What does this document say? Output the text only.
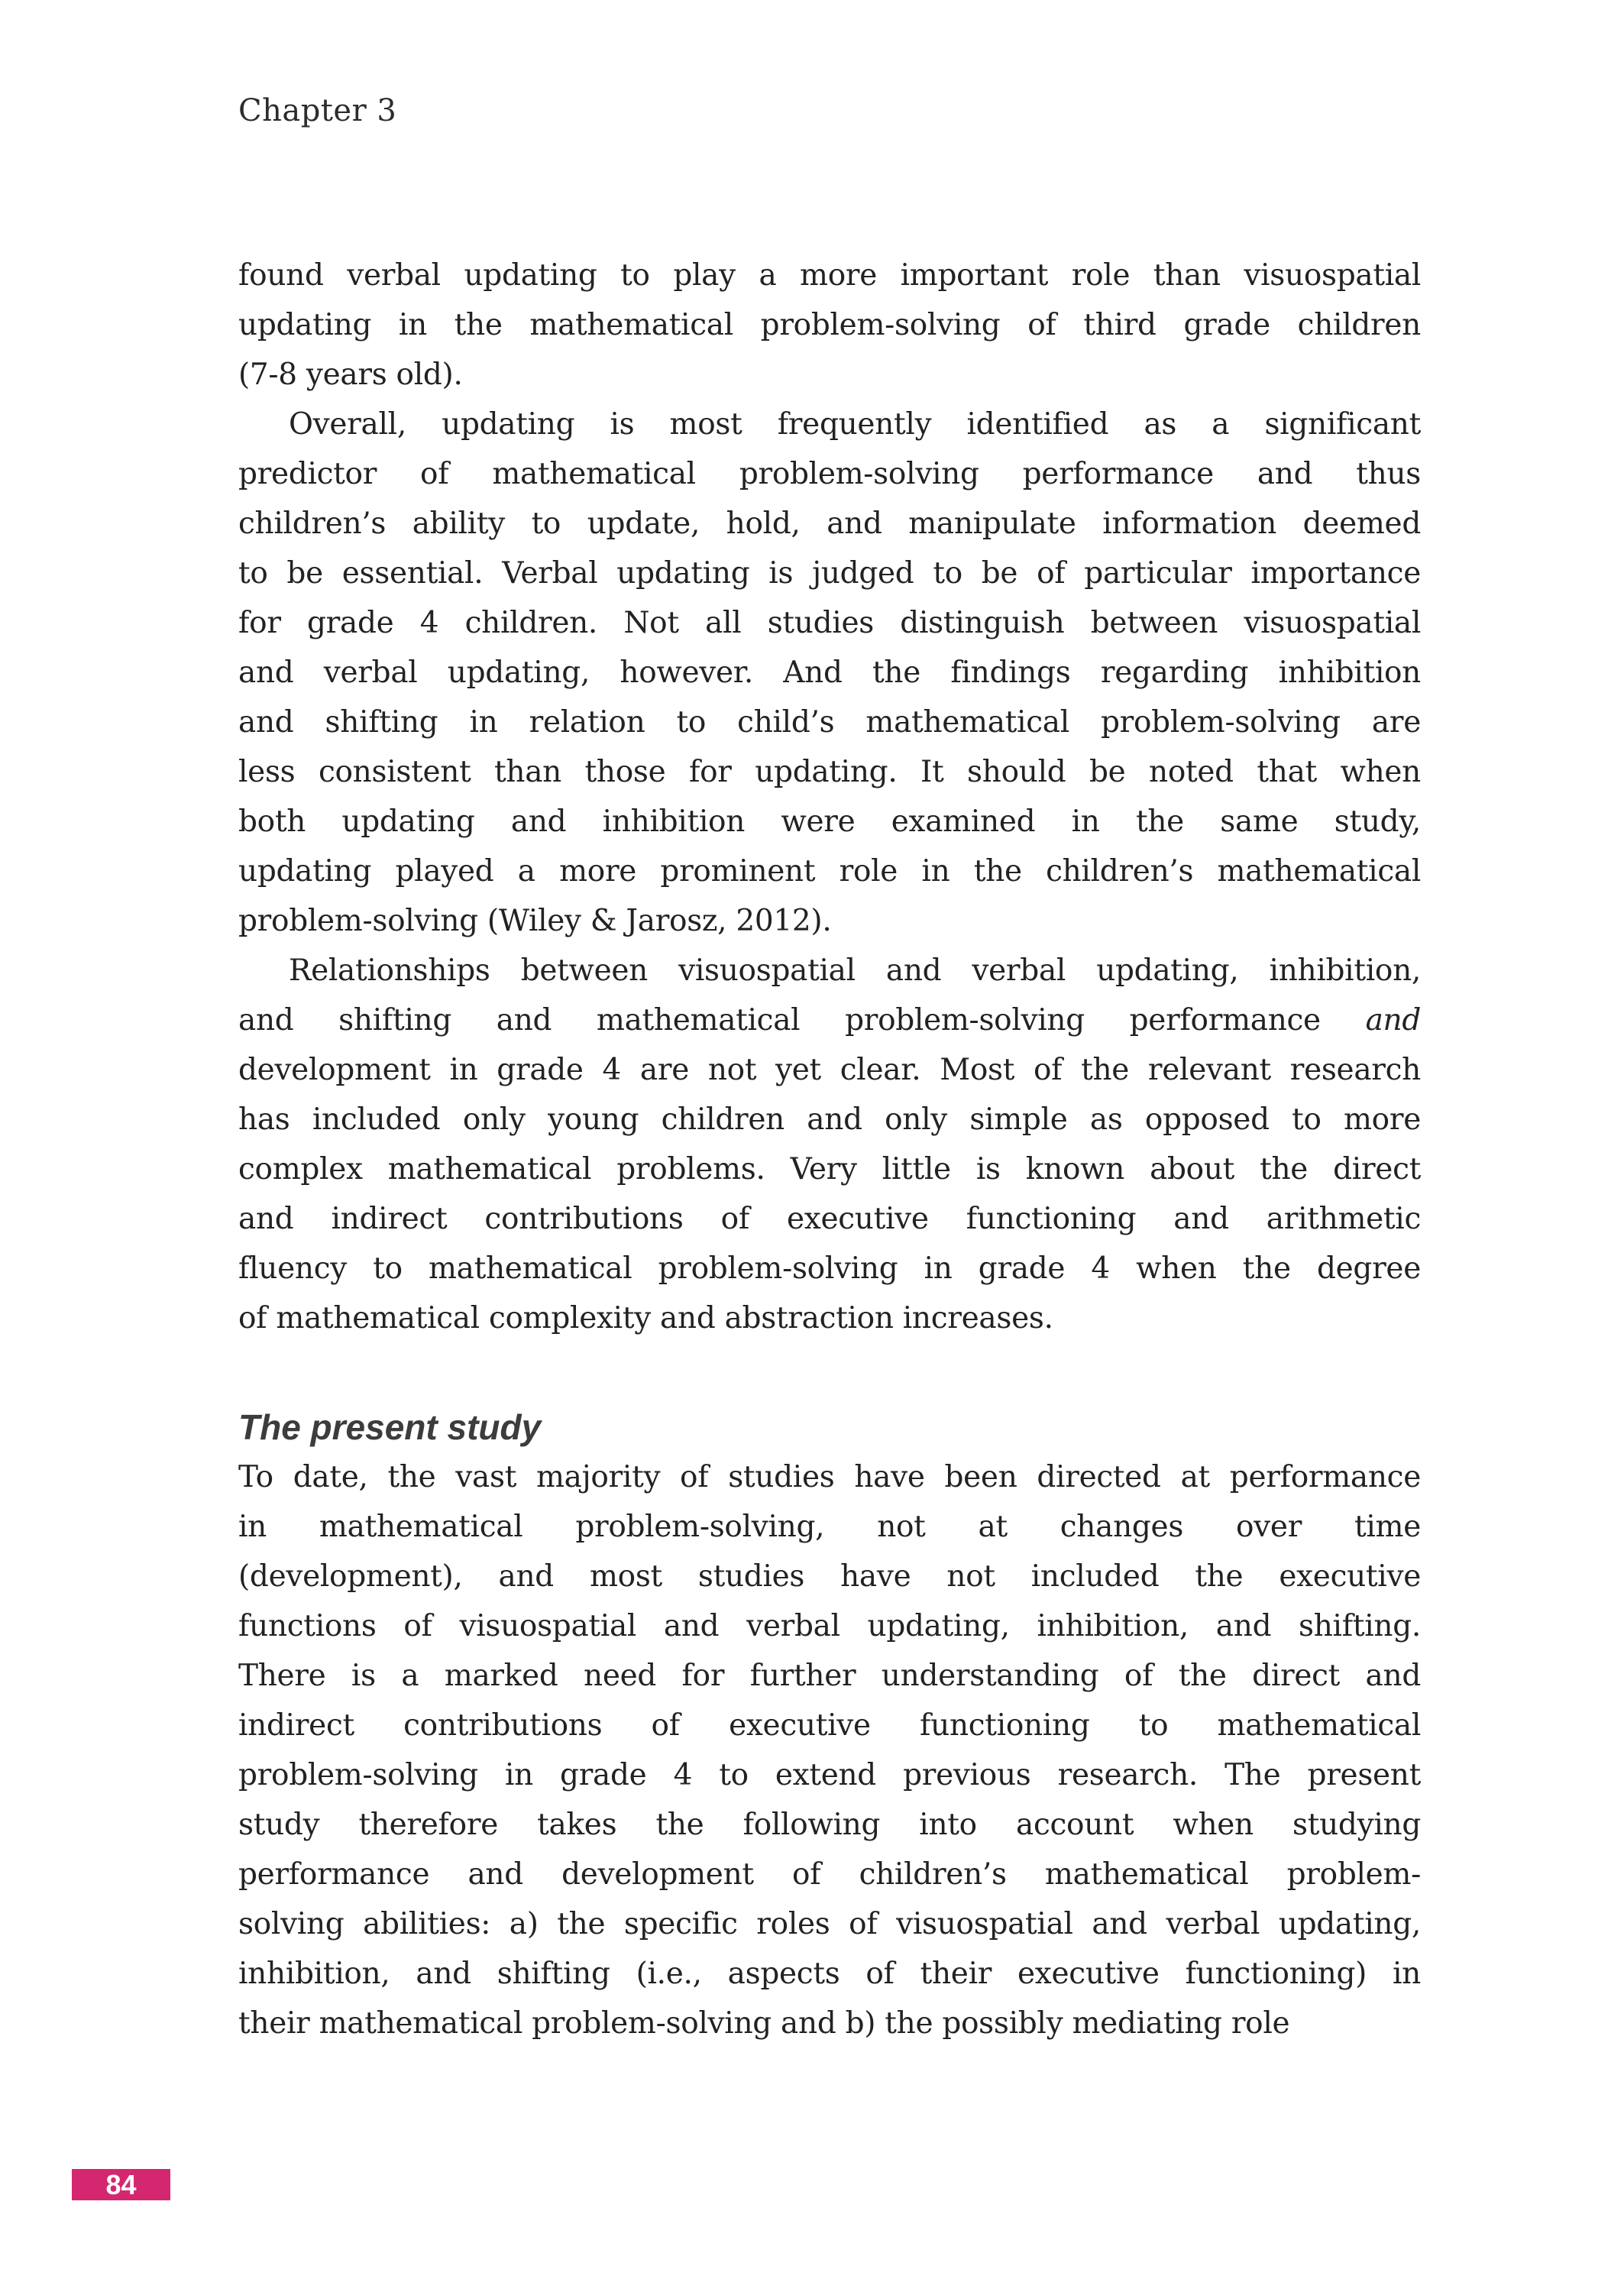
Chapter 3
found verbal updating to play a more important role than visuospatial
updating in the mathematical problem-solving of third grade children
(7-8 years old).
Overall, updating is most frequently identified as a significant
predictor of mathematical problem-solving performance and thus
children’s ability to update, hold, and manipulate information deemed
to be essential. Verbal updating is judged to be of particular importance
for grade 4 children. Not all studies distinguish between visuospatial
and verbal updating, however. And the findings regarding inhibition
and shifting in relation to child’s mathematical problem-solving are
less consistent than those for updating. It should be noted that when
both updating and inhibition were examined in the same study,
updating played a more prominent role in the children’s mathematical
problem-solving (Wiley & Jarosz, 2012).
Relationships between visuospatial and verbal updating, inhibition,
and shifting and mathematical problem-solving performance and
development in grade 4 are not yet clear. Most of the relevant research
has included only young children and only simple as opposed to more
complex mathematical problems. Very little is known about the direct
and indirect contributions of executive functioning and arithmetic
fluency to mathematical problem-solving in grade 4 when the degree
of mathematical complexity and abstraction increases.
The present study
To date, the vast majority of studies have been directed at performance
in mathematical problem-solving, not at changes over time
(development), and most studies have not included the executive
functions of visuospatial and verbal updating, inhibition, and shifting.
There is a marked need for further understanding of the direct and
indirect contributions of executive functioning to mathematical
problem-solving in grade 4 to extend previous research. The present
study therefore takes the following into account when studying
performance and development of children’s mathematical problem-
solving abilities: a) the specific roles of visuospatial and verbal updating,
inhibition, and shifting (i.e., aspects of their executive functioning) in
their mathematical problem-solving and b) the possibly mediating role
84
